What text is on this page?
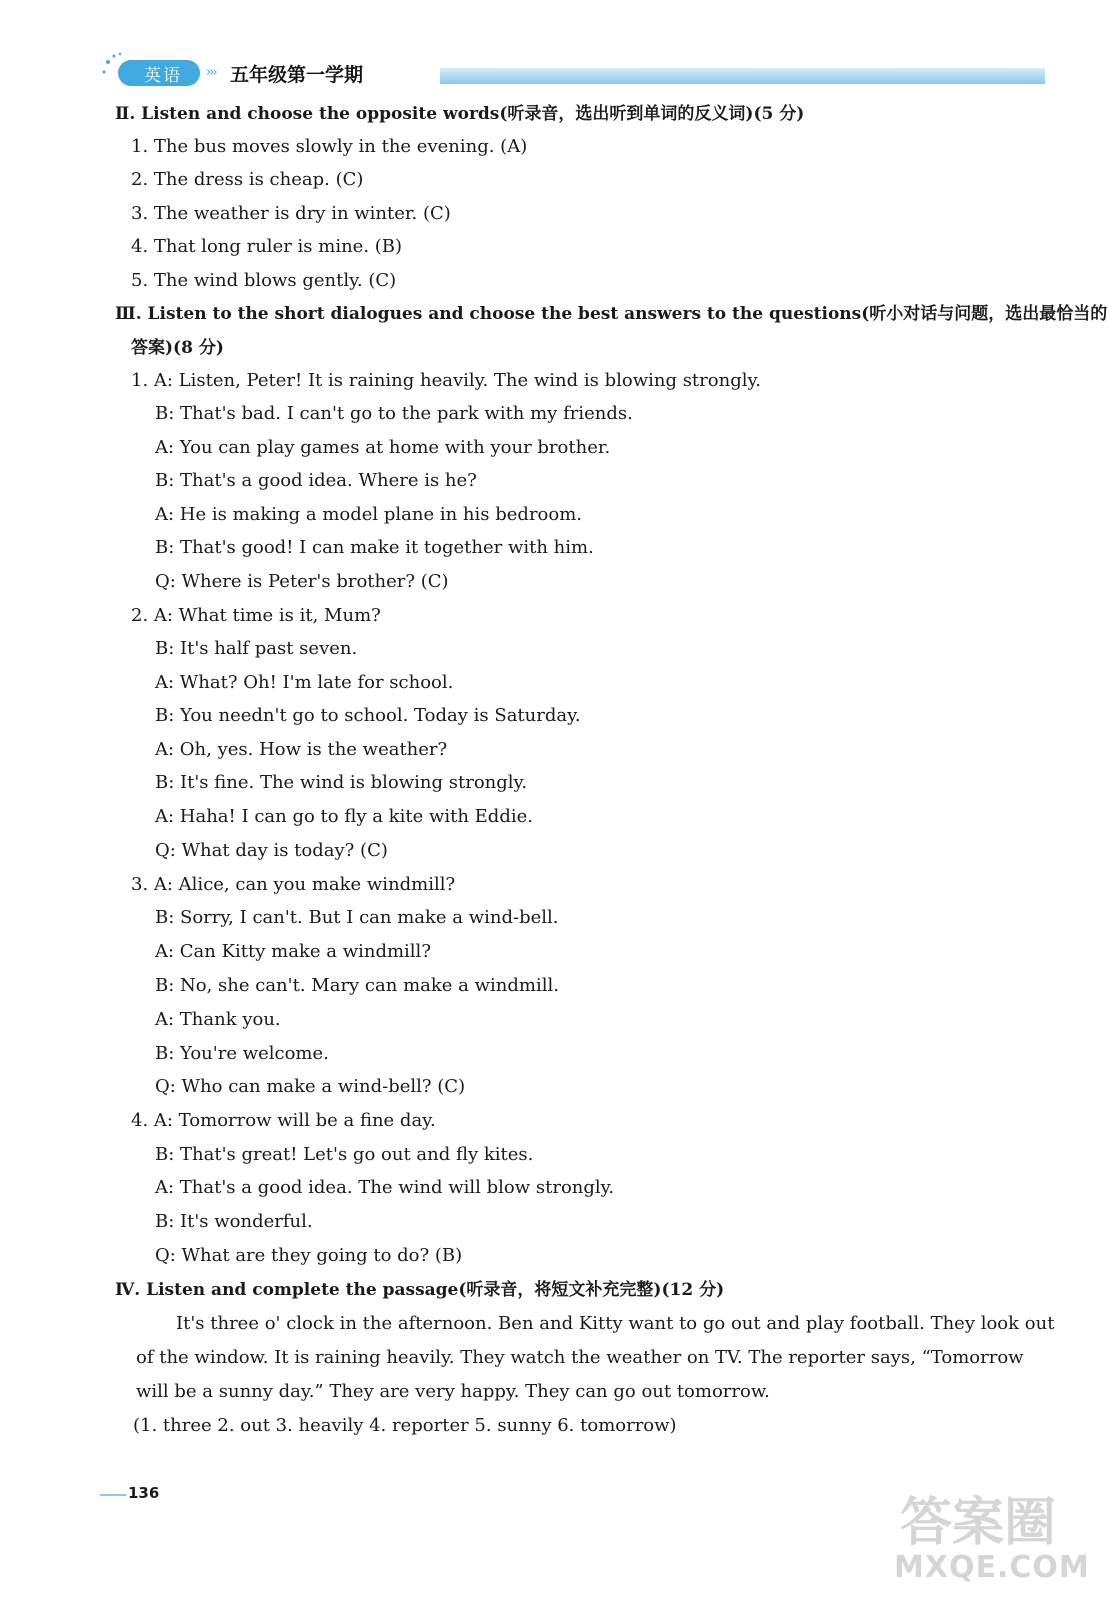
英语 ››› 五年级第一学期
Ⅱ. Listen and choose the opposite words(听录音，选出听到单词的反义词)(5 分)
1. The bus moves slowly in the evening. (A)
2. The dress is cheap. (C)
3. The weather is dry in winter. (C)
4. That long ruler is mine. (B)
5. The wind blows gently. (C)
Ⅲ. Listen to the short dialogues and choose the best answers to the questions(听小对话与问题，选出最恰当的
答案)(8 分)
1. A: Listen, Peter! It is raining heavily. The wind is blowing strongly.
B: That's bad. I can't go to the park with my friends.
A: You can play games at home with your brother.
B: That's a good idea. Where is he?
A: He is making a model plane in his bedroom.
B: That's good! I can make it together with him.
Q: Where is Peter's brother? (C)
2. A: What time is it, Mum?
B: It's half past seven.
A: What? Oh! I'm late for school.
B: You needn't go to school. Today is Saturday.
A: Oh, yes. How is the weather?
B: It's fine. The wind is blowing strongly.
A: Haha! I can go to fly a kite with Eddie.
Q: What day is today? (C)
3. A: Alice, can you make windmill?
B: Sorry, I can't. But I can make a wind-bell.
A: Can Kitty make a windmill?
B: No, she can't. Mary can make a windmill.
A: Thank you.
B: You're welcome.
Q: Who can make a wind-bell? (C)
4. A: Tomorrow will be a fine day.
B: That's great! Let's go out and fly kites.
A: That's a good idea. The wind will blow strongly.
B: It's wonderful.
Q: What are they going to do? (B)
Ⅳ. Listen and complete the passage(听录音，将短文补充完整)(12 分)
It's three o' clock in the afternoon. Ben and Kitty want to go out and play football. They look out
of the window. It is raining heavily. They watch the weather on TV. The reporter says, “Tomorrow
will be a sunny day.” They are very happy. They can go out tomorrow.
(1. three 2. out 3. heavily 4. reporter 5. sunny 6. tomorrow)
136	答案圈
MXQE.COM
